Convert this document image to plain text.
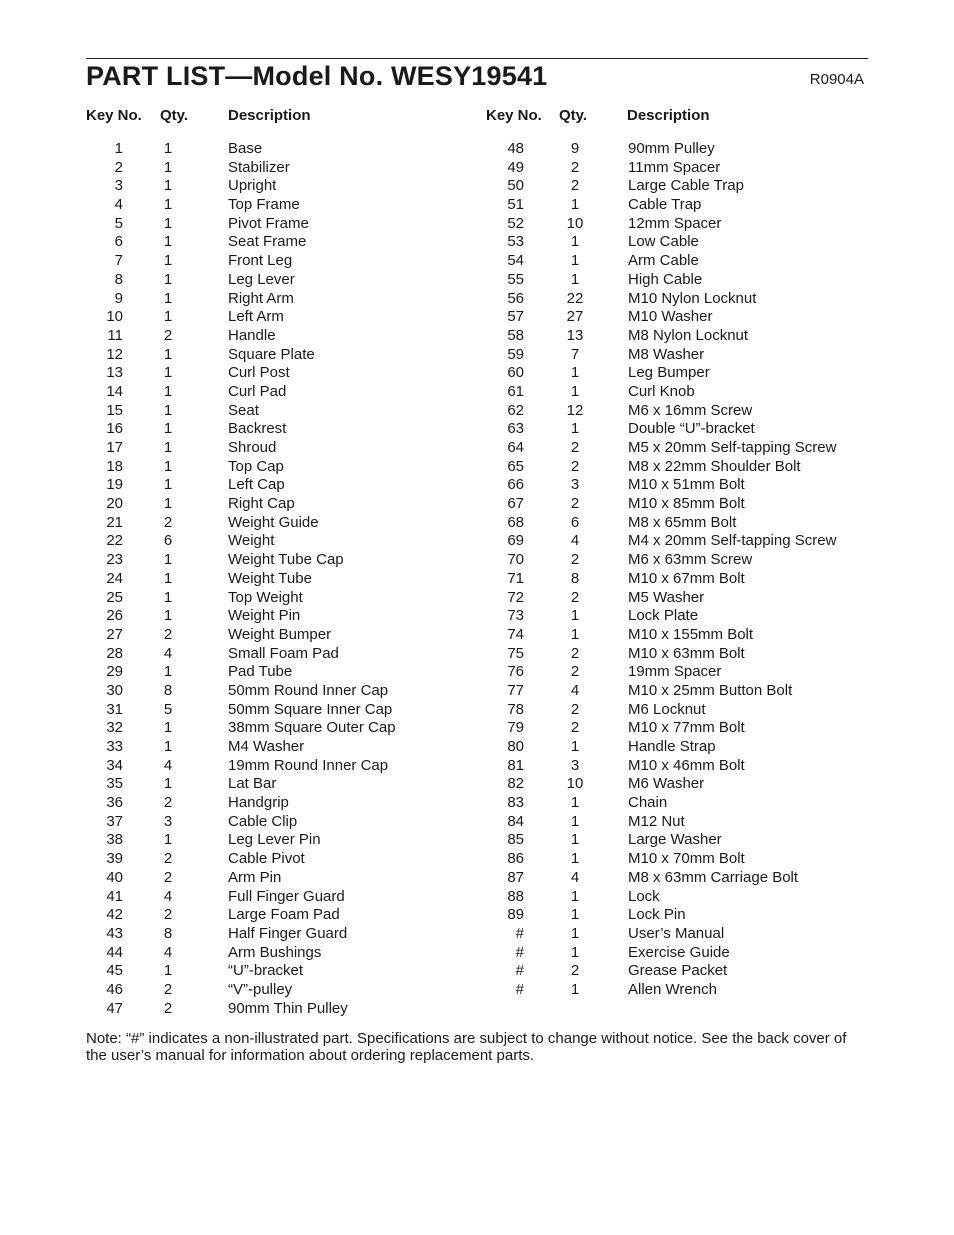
PART LIST—Model No. WESY19541	R0904A
Key No. Qty.	Description
1	1	Base
2	1	Stabilizer
3	1	Upright
4	1	Top Frame
5	1	Pivot Frame
6	1	Seat Frame
7	1	Front Leg
8	1	Leg Lever
9	1	Right Arm
10	1	Left Arm
11	2	Handle
12	1	Square Plate
13	1	Curl Post
14	1	Curl Pad
15	1	Seat
16	1	Backrest
17	1	Shroud
18	1	Top Cap
19	1	Left Cap
20	1	Right Cap
21	2	Weight Guide
22	6	Weight
23	1	Weight Tube Cap
24	1	Weight Tube
25	1	Top Weight
26	1	Weight Pin
27	2	Weight Bumper
28	4	Small Foam Pad
29	1	Pad Tube
30	8	50mm Round Inner Cap
31	5	50mm Square Inner Cap
32	1	38mm Square Outer Cap
33	1	M4 Washer
34	4	19mm Round Inner Cap
35	1	Lat Bar
36	2	Handgrip
37	3	Cable Clip
38	1	Leg Lever Pin
39	2	Cable Pivot
40	2	Arm Pin
41	4	Full Finger Guard
42	2	Large Foam Pad
43	8	Half Finger Guard
44	4	Arm Bushings
45	1	“U”-bracket
46	2	“V”-pulley
47	2	90mm Thin Pulley
Key No. Qty.	Description
48	9	90mm Pulley
49	2	11mm Spacer
50	2	Large Cable Trap
51	1	Cable Trap
52	10	12mm Spacer
53	1	Low Cable
54	1	Arm Cable
55	1	High Cable
56	22	M10 Nylon Locknut
57	27	M10 Washer
58	13	M8 Nylon Locknut
59	7	M8 Washer
60	1	Leg Bumper
61	1	Curl Knob
62	12	M6 x 16mm Screw
63	1	Double “U”-bracket
64	2	M5 x 20mm Self-tapping Screw
65	2	M8 x 22mm Shoulder Bolt
66	3	M10 x 51mm Bolt
67	2	M10 x 85mm Bolt
68	6	M8 x 65mm Bolt
69	4	M4 x 20mm Self-tapping Screw
70	2	M6 x 63mm Screw
71	8	M10 x 67mm Bolt
72	2	M5 Washer
73	1	Lock Plate
74	1	M10 x 155mm Bolt
75	2	M10 x 63mm Bolt
76	2	19mm Spacer
77	4	M10 x 25mm Button Bolt
78	2	M6 Locknut
79	2	M10 x 77mm Bolt
80	1	Handle Strap
81	3	M10 x 46mm Bolt
82	10	M6 Washer
83	1	Chain
84	1	M12 Nut
85	1	Large Washer
86	1	M10 x 70mm Bolt
87	4	M8 x 63mm Carriage Bolt
88	1	Lock
89	1	Lock Pin
#	1	User’s Manual
#	1	Exercise Guide
#	2	Grease Packet
#	1	Allen Wrench
Note: “#” indicates a non-illustrated part. Specifications are subject to change without notice. See the back cover of the user’s manual for information about ordering replacement parts.
